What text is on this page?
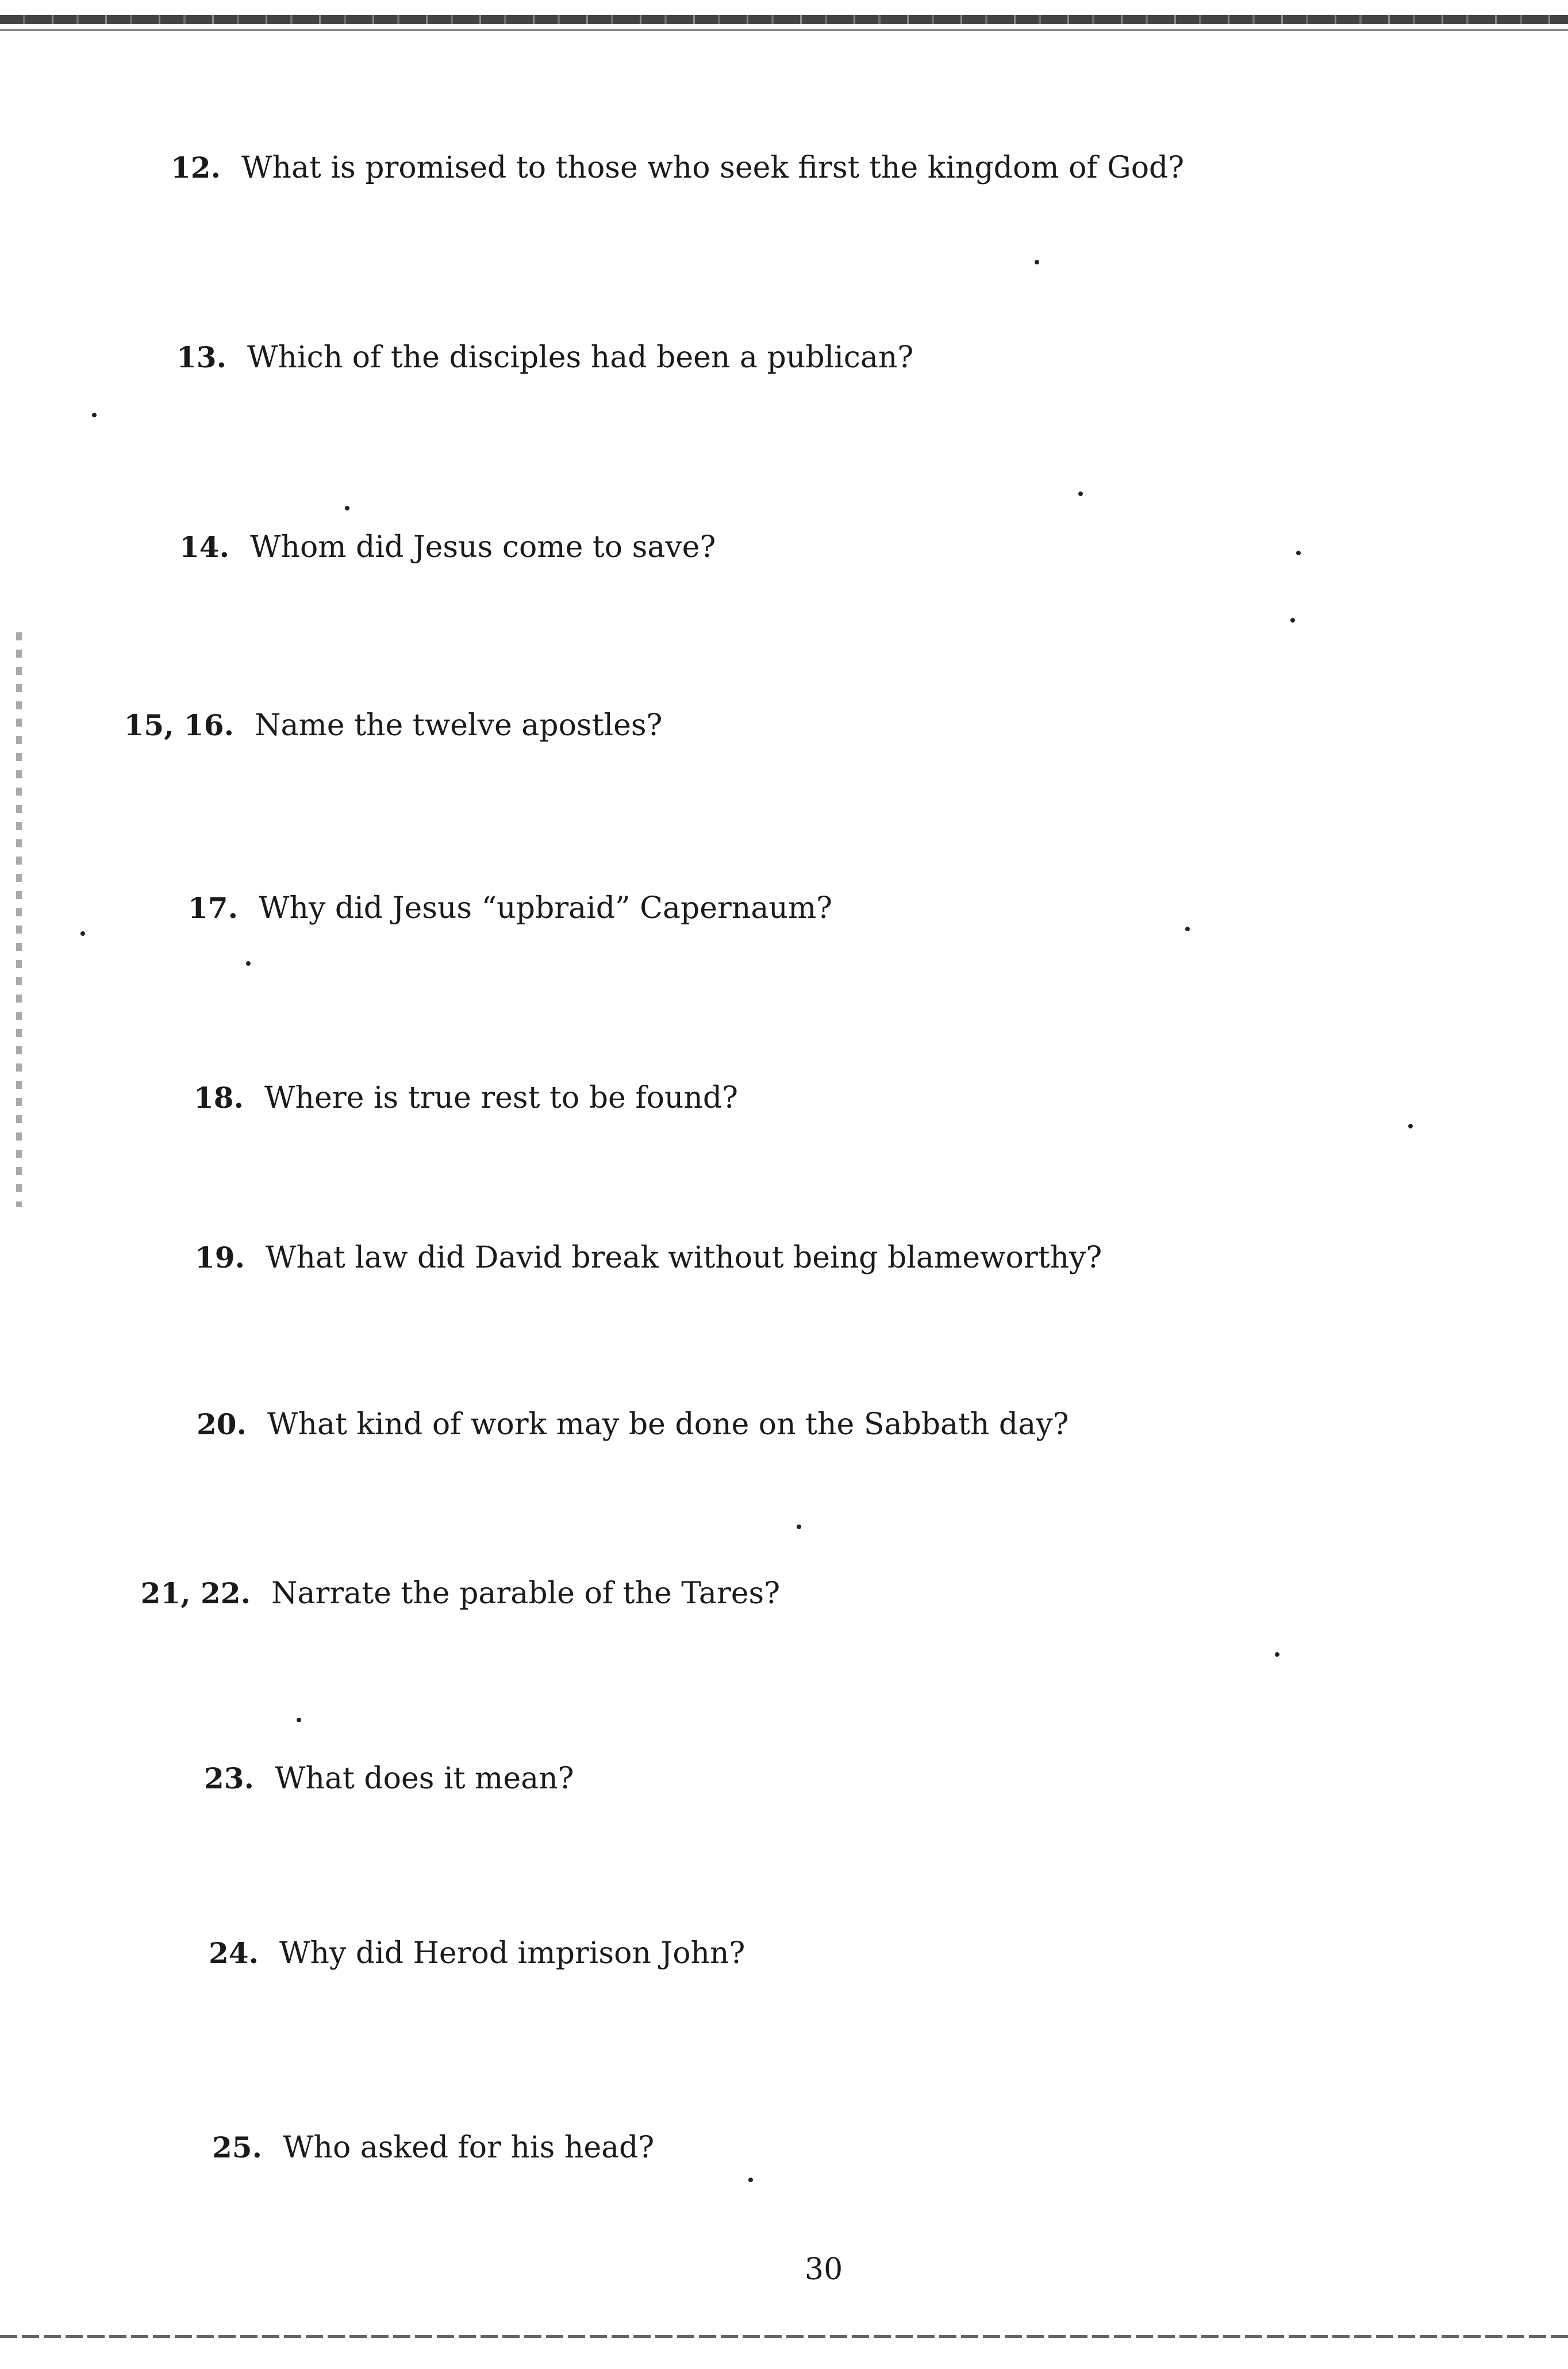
12. What is promised to those who seek first the kingdom of God?
13. Which of the disciples had been a publican?
14. Whom did Jesus come to save?
15, 16. Name the twelve apostles?
17. Why did Jesus “upbraid” Capernaum?
18. Where is true rest to be found?
19. What law did David break without being blameworthy?
20. What kind of work may be done on the Sabbath day?
21, 22. Narrate the parable of the Tares?
23. What does it mean?
24. Why did Herod imprison John?
25. Who asked for his head?
30
